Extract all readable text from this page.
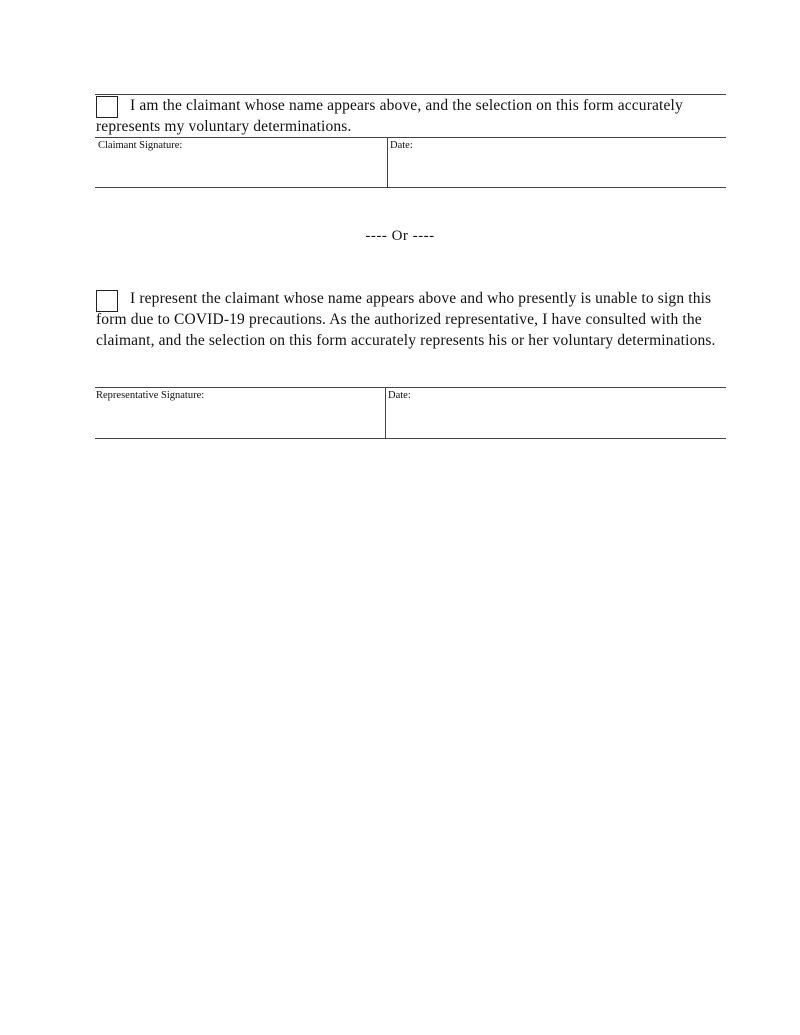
I am the claimant whose name appears above, and the selection on this form accurately represents my voluntary determinations.

Claimant Signature:	Date:
---- Or ----

I represent the claimant whose name appears above and who presently is unable to sign this form due to COVID-19 precautions. As the authorized representative, I have consulted with the claimant, and the selection on this form accurately represents his or her voluntary determinations.

Representative Signature:	Date:
